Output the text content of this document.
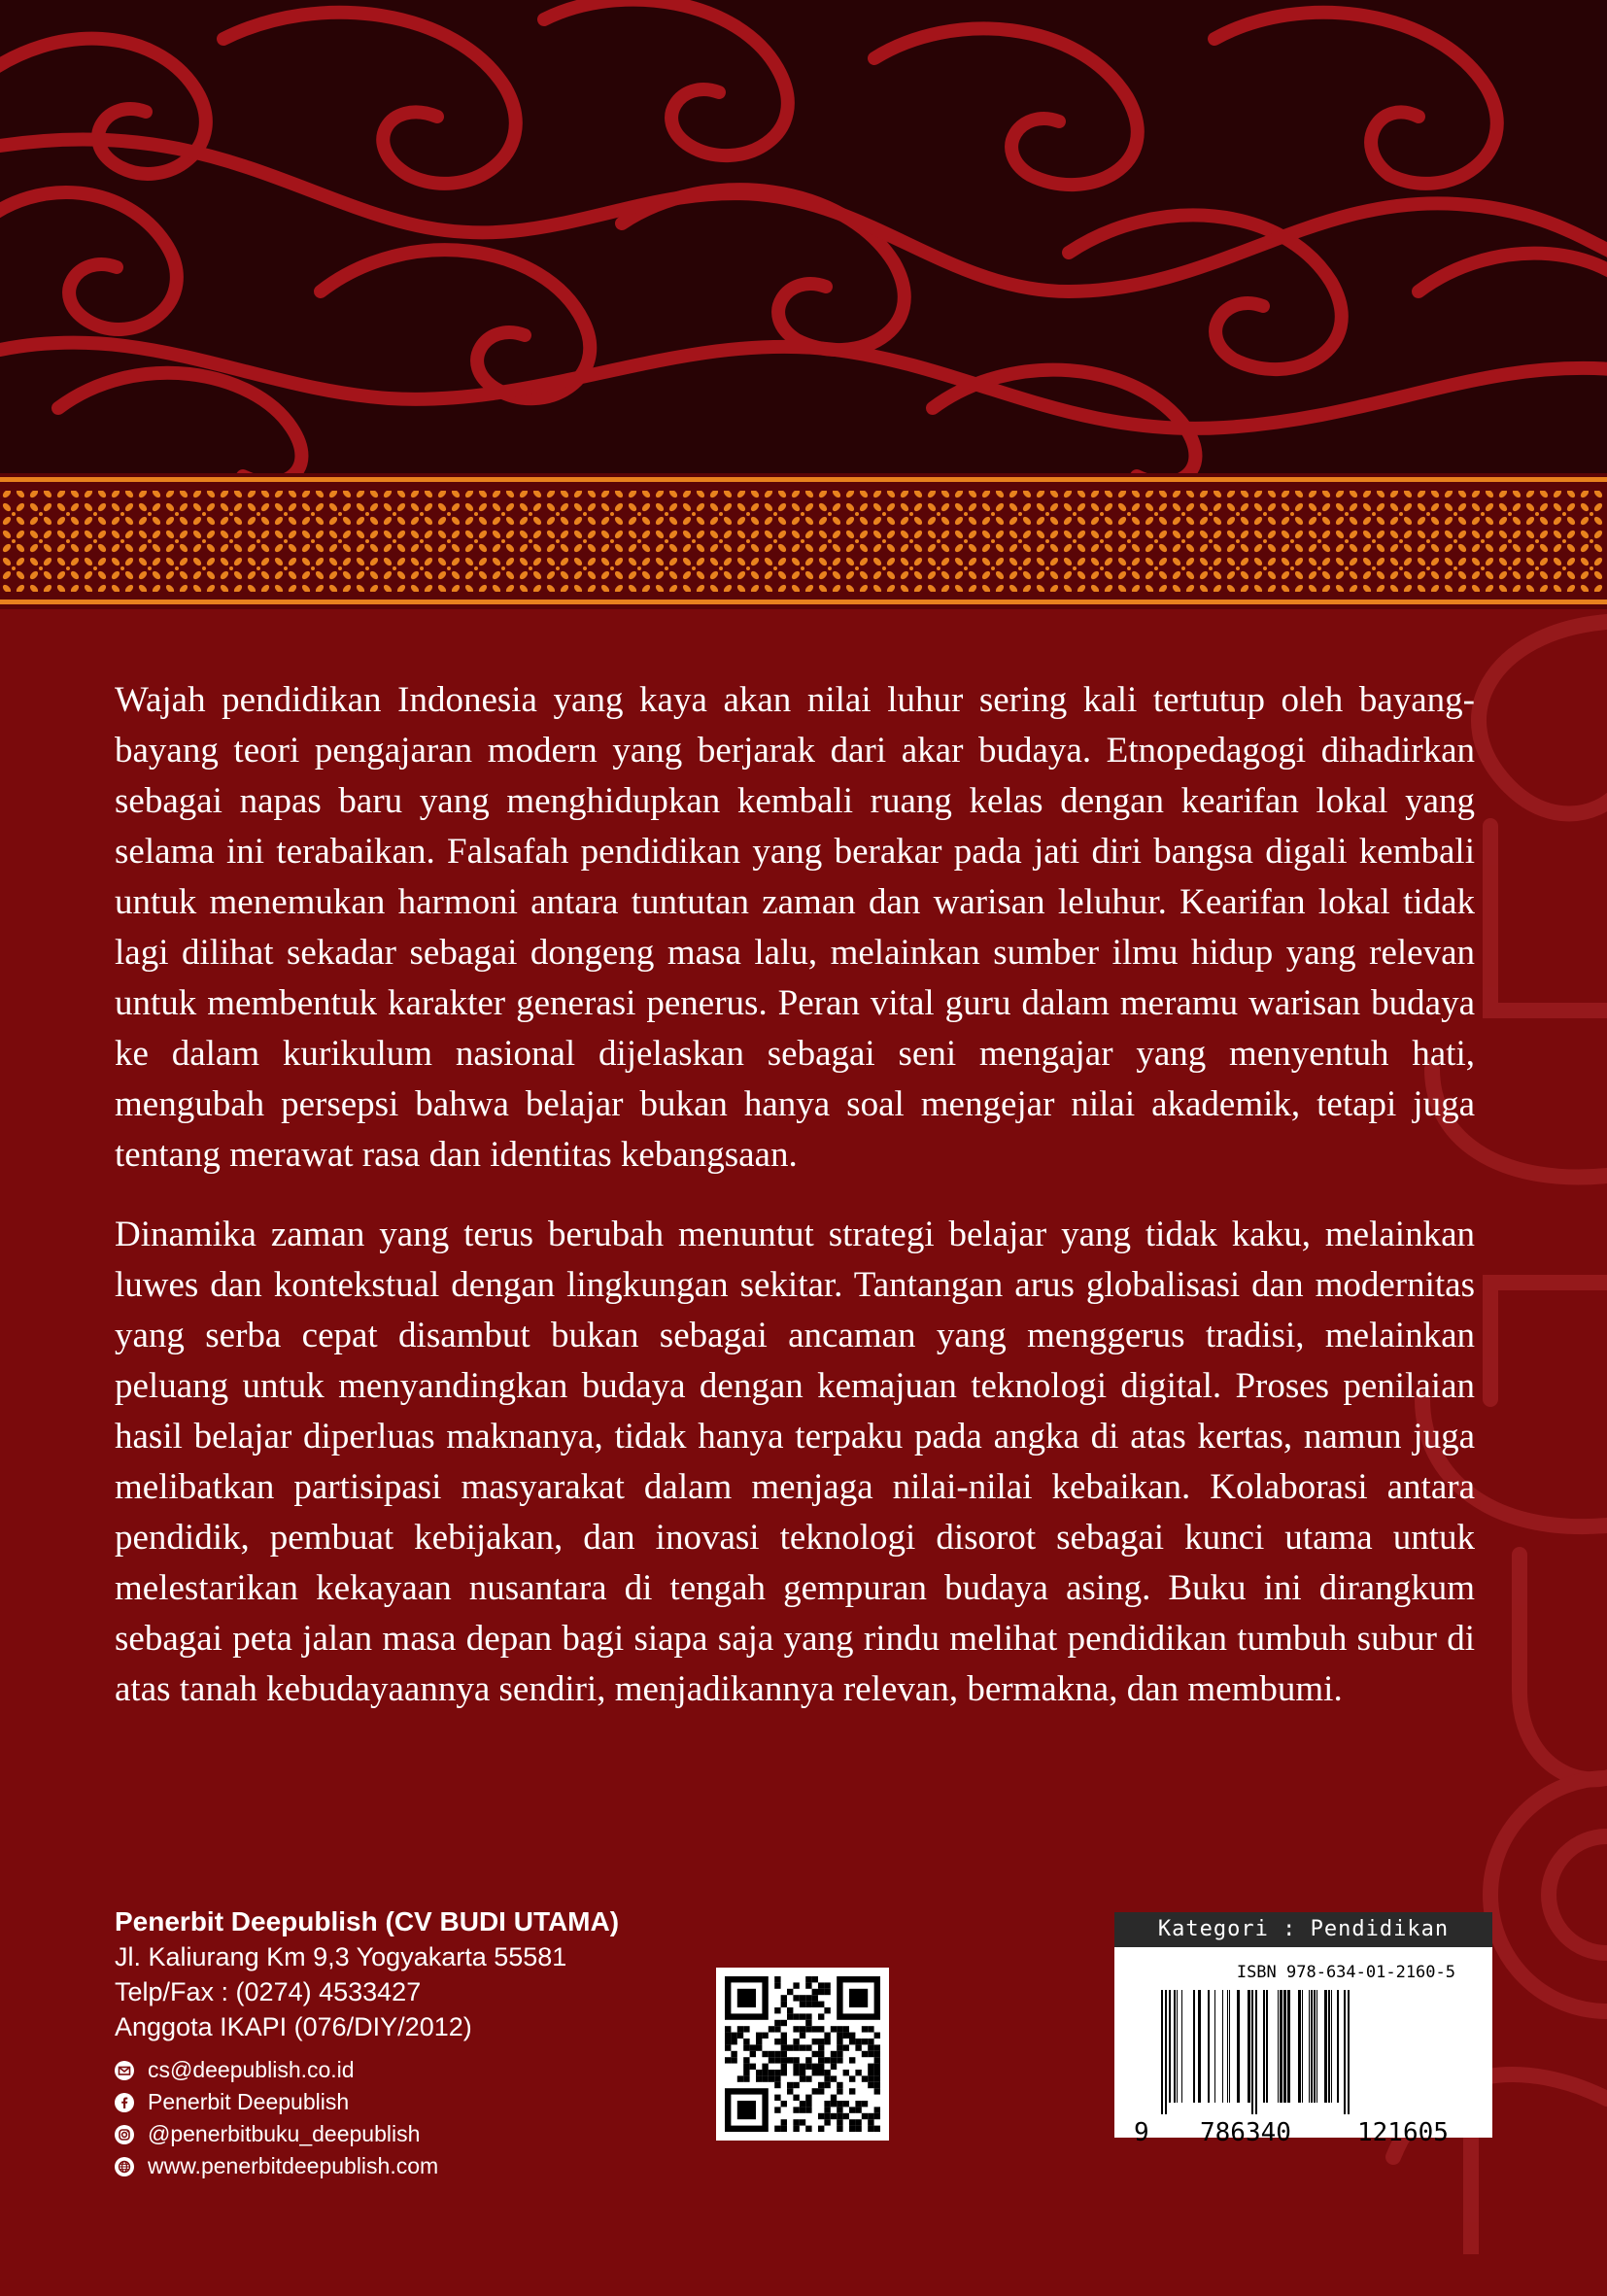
Wajah pendidikan Indonesia yang kaya akan nilai luhur sering kali tertutup oleh bayang-bayang teori pengajaran modern yang berjarak dari akar budaya. Etnopedagogi dihadirkan sebagai napas baru yang menghidupkan kembali ruang kelas dengan kearifan lokal yang selama ini terabaikan. Falsafah pendidikan yang berakar pada jati diri bangsa digali kembali untuk menemukan harmoni antara tuntutan zaman dan warisan leluhur. Kearifan lokal tidak lagi dilihat sekadar sebagai dongeng masa lalu, melainkan sumber ilmu hidup yang relevan untuk membentuk karakter generasi penerus. Peran vital guru dalam meramu warisan budaya ke dalam kurikulum nasional dijelaskan sebagai seni mengajar yang menyentuh hati, mengubah persepsi bahwa belajar bukan hanya soal mengejar nilai akademik, tetapi juga tentang merawat rasa dan identitas kebangsaan.

Dinamika zaman yang terus berubah menuntut strategi belajar yang tidak kaku, melainkan luwes dan kontekstual dengan lingkungan sekitar. Tantangan arus globalisasi dan modernitas yang serba cepat disambut bukan sebagai ancaman yang menggerus tradisi, melainkan peluang untuk menyandingkan budaya dengan kemajuan teknologi digital. Proses penilaian hasil belajar diperluas maknanya, tidak hanya terpaku pada angka di atas kertas, namun juga melibatkan partisipasi masyarakat dalam menjaga nilai-nilai kebaikan. Kolaborasi antara pendidik, pembuat kebijakan, dan inovasi teknologi disorot sebagai kunci utama untuk melestarikan kekayaan nusantara di tengah gempuran budaya asing. Buku ini dirangkum sebagai peta jalan masa depan bagi siapa saja yang rindu melihat pendidikan tumbuh subur di atas tanah kebudayaannya sendiri, menjadikannya relevan, bermakna, dan membumi.

Penerbit Deepublish (CV BUDI UTAMA)
Jl. Kaliurang Km 9,3 Yogyakarta 55581
Telp/Fax : (0274) 4533427
Anggota IKAPI (076/DIY/2012)
cs@deepublish.co.id
Penerbit Deepublish
@penerbitbuku_deepublish
www.penerbitdeepublish.com
Kategori : Pendidikan
ISBN 978-634-01-2160-5
9 786340	121605
